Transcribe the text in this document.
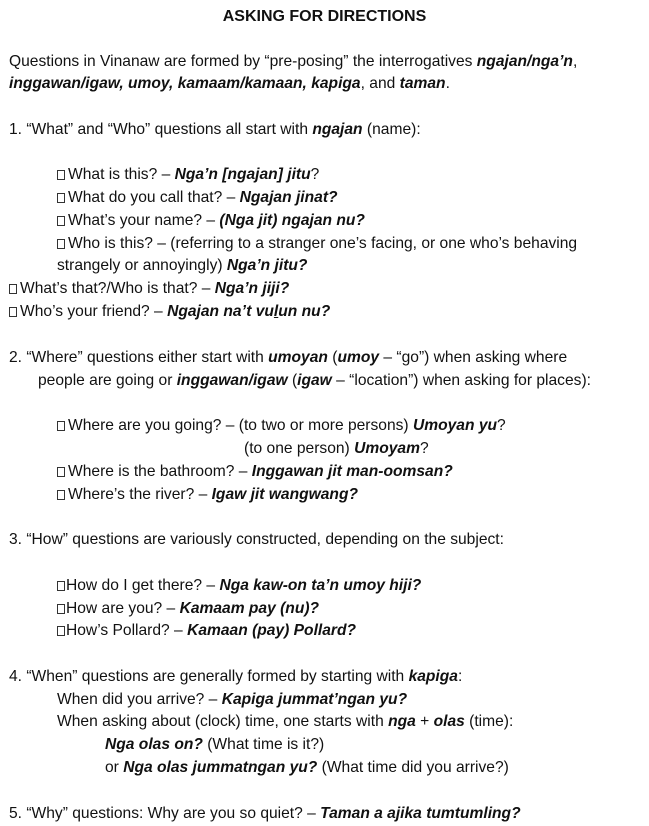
ASKING FOR DIRECTIONS
Questions in Vinanaw are formed by “pre-posing” the interrogatives ngajan/nga’n,
inggawan/igaw, umoy, kamaam/kamaan, kapiga, and taman.
1. “What” and “Who” questions all start with ngajan (name):
What is this? – Nga’n [ngajan] jitu?
What do you call that? – Ngajan jinat?
What’s your name? – (Nga jit) ngajan nu?
Who is this? – (referring to a stranger one’s facing, or one who’s behaving
strangely or annoyingly) Nga’n jitu?
What’s that?/Who is that? – Nga’n jiji?
Who’s your friend? – Ngajan na’t vulun nu?
2. “Where” questions either start with umoyan (umoy – “go”) when asking where
people are going or inggawan/igaw (igaw – “location”) when asking for places):
Where are you going? – (to two or more persons) Umoyan yu?
(to one person) Umoyam?
Where is the bathroom? – Inggawan jit man-oomsan?
Where’s the river? – Igaw jit wangwang?
3. “How” questions are variously constructed, depending on the subject:
How do I get there? – Nga kaw-on ta’n umoy hiji?
How are you? – Kamaam pay (nu)?
How’s Pollard? – Kamaan (pay) Pollard?
4. “When” questions are generally formed by starting with kapiga:
When did you arrive? – Kapiga jummat’ngan yu?
When asking about (clock) time, one starts with nga + olas (time):
Nga olas on? (What time is it?)
or Nga olas jummatngan yu? (What time did you arrive?)
5. “Why” questions: Why are you so quiet? – Taman a ajika tumtumling?
